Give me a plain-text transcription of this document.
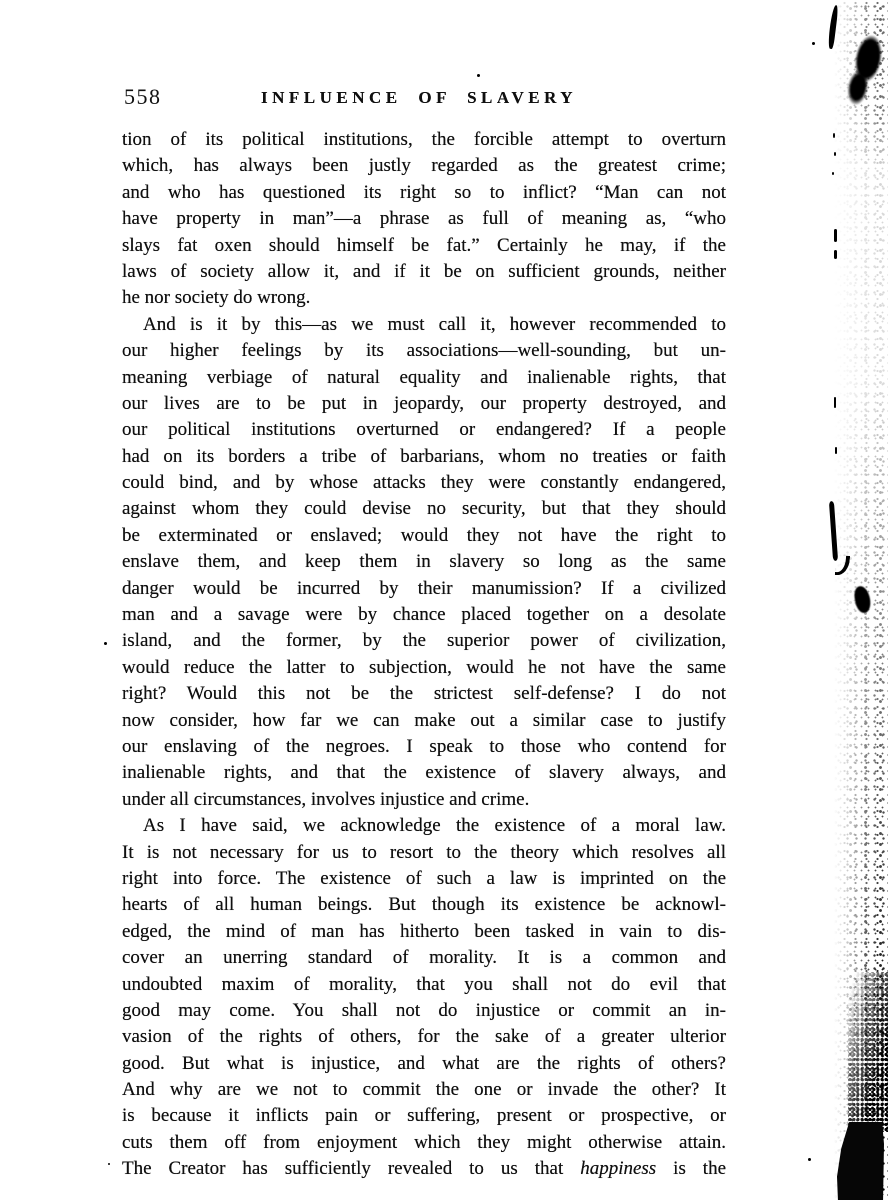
558	INFLUENCE OF SLAVERY
tion of its political institutions, the forcible attempt to overturn
which, has always been justly regarded as the greatest crime;
and who has questioned its right so to inflict? “Man can not
have property in man”—a phrase as full of meaning as, “who
slays fat oxen should himself be fat.” Certainly he may, if the
laws of society allow it, and if it be on sufficient grounds, neither
he nor society do wrong.
And is it by this—as we must call it, however recommended to
our higher feelings by its associations—well-sounding, but un-
meaning verbiage of natural equality and inalienable rights, that
our lives are to be put in jeopardy, our property destroyed, and
our political institutions overturned or endangered? If a people
had on its borders a tribe of barbarians, whom no treaties or faith
could bind, and by whose attacks they were constantly endangered,
against whom they could devise no security, but that they should
be exterminated or enslaved; would they not have the right to
enslave them, and keep them in slavery so long as the same
danger would be incurred by their manumission? If a civilized
man and a savage were by chance placed together on a desolate
island, and the former, by the superior power of civilization,
would reduce the latter to subjection, would he not have the same
right? Would this not be the strictest self-defense? I do not
now consider, how far we can make out a similar case to justify
our enslaving of the negroes. I speak to those who contend for
inalienable rights, and that the existence of slavery always, and
under all circumstances, involves injustice and crime.
As I have said, we acknowledge the existence of a moral law.
It is not necessary for us to resort to the theory which resolves all
right into force. The existence of such a law is imprinted on the
hearts of all human beings. But though its existence be acknowl-
edged, the mind of man has hitherto been tasked in vain to dis-
cover an unerring standard of morality. It is a common and
undoubted maxim of morality, that you shall not do evil that
good may come. You shall not do injustice or commit an in-
vasion of the rights of others, for the sake of a greater ulterior
good. But what is injustice, and what are the rights of others?
And why are we not to commit the one or invade the other? It
is because it inflicts pain or suffering, present or prospective, or
cuts them off from enjoyment which they might otherwise attain.
The Creator has sufficiently revealed to us that happiness is the
